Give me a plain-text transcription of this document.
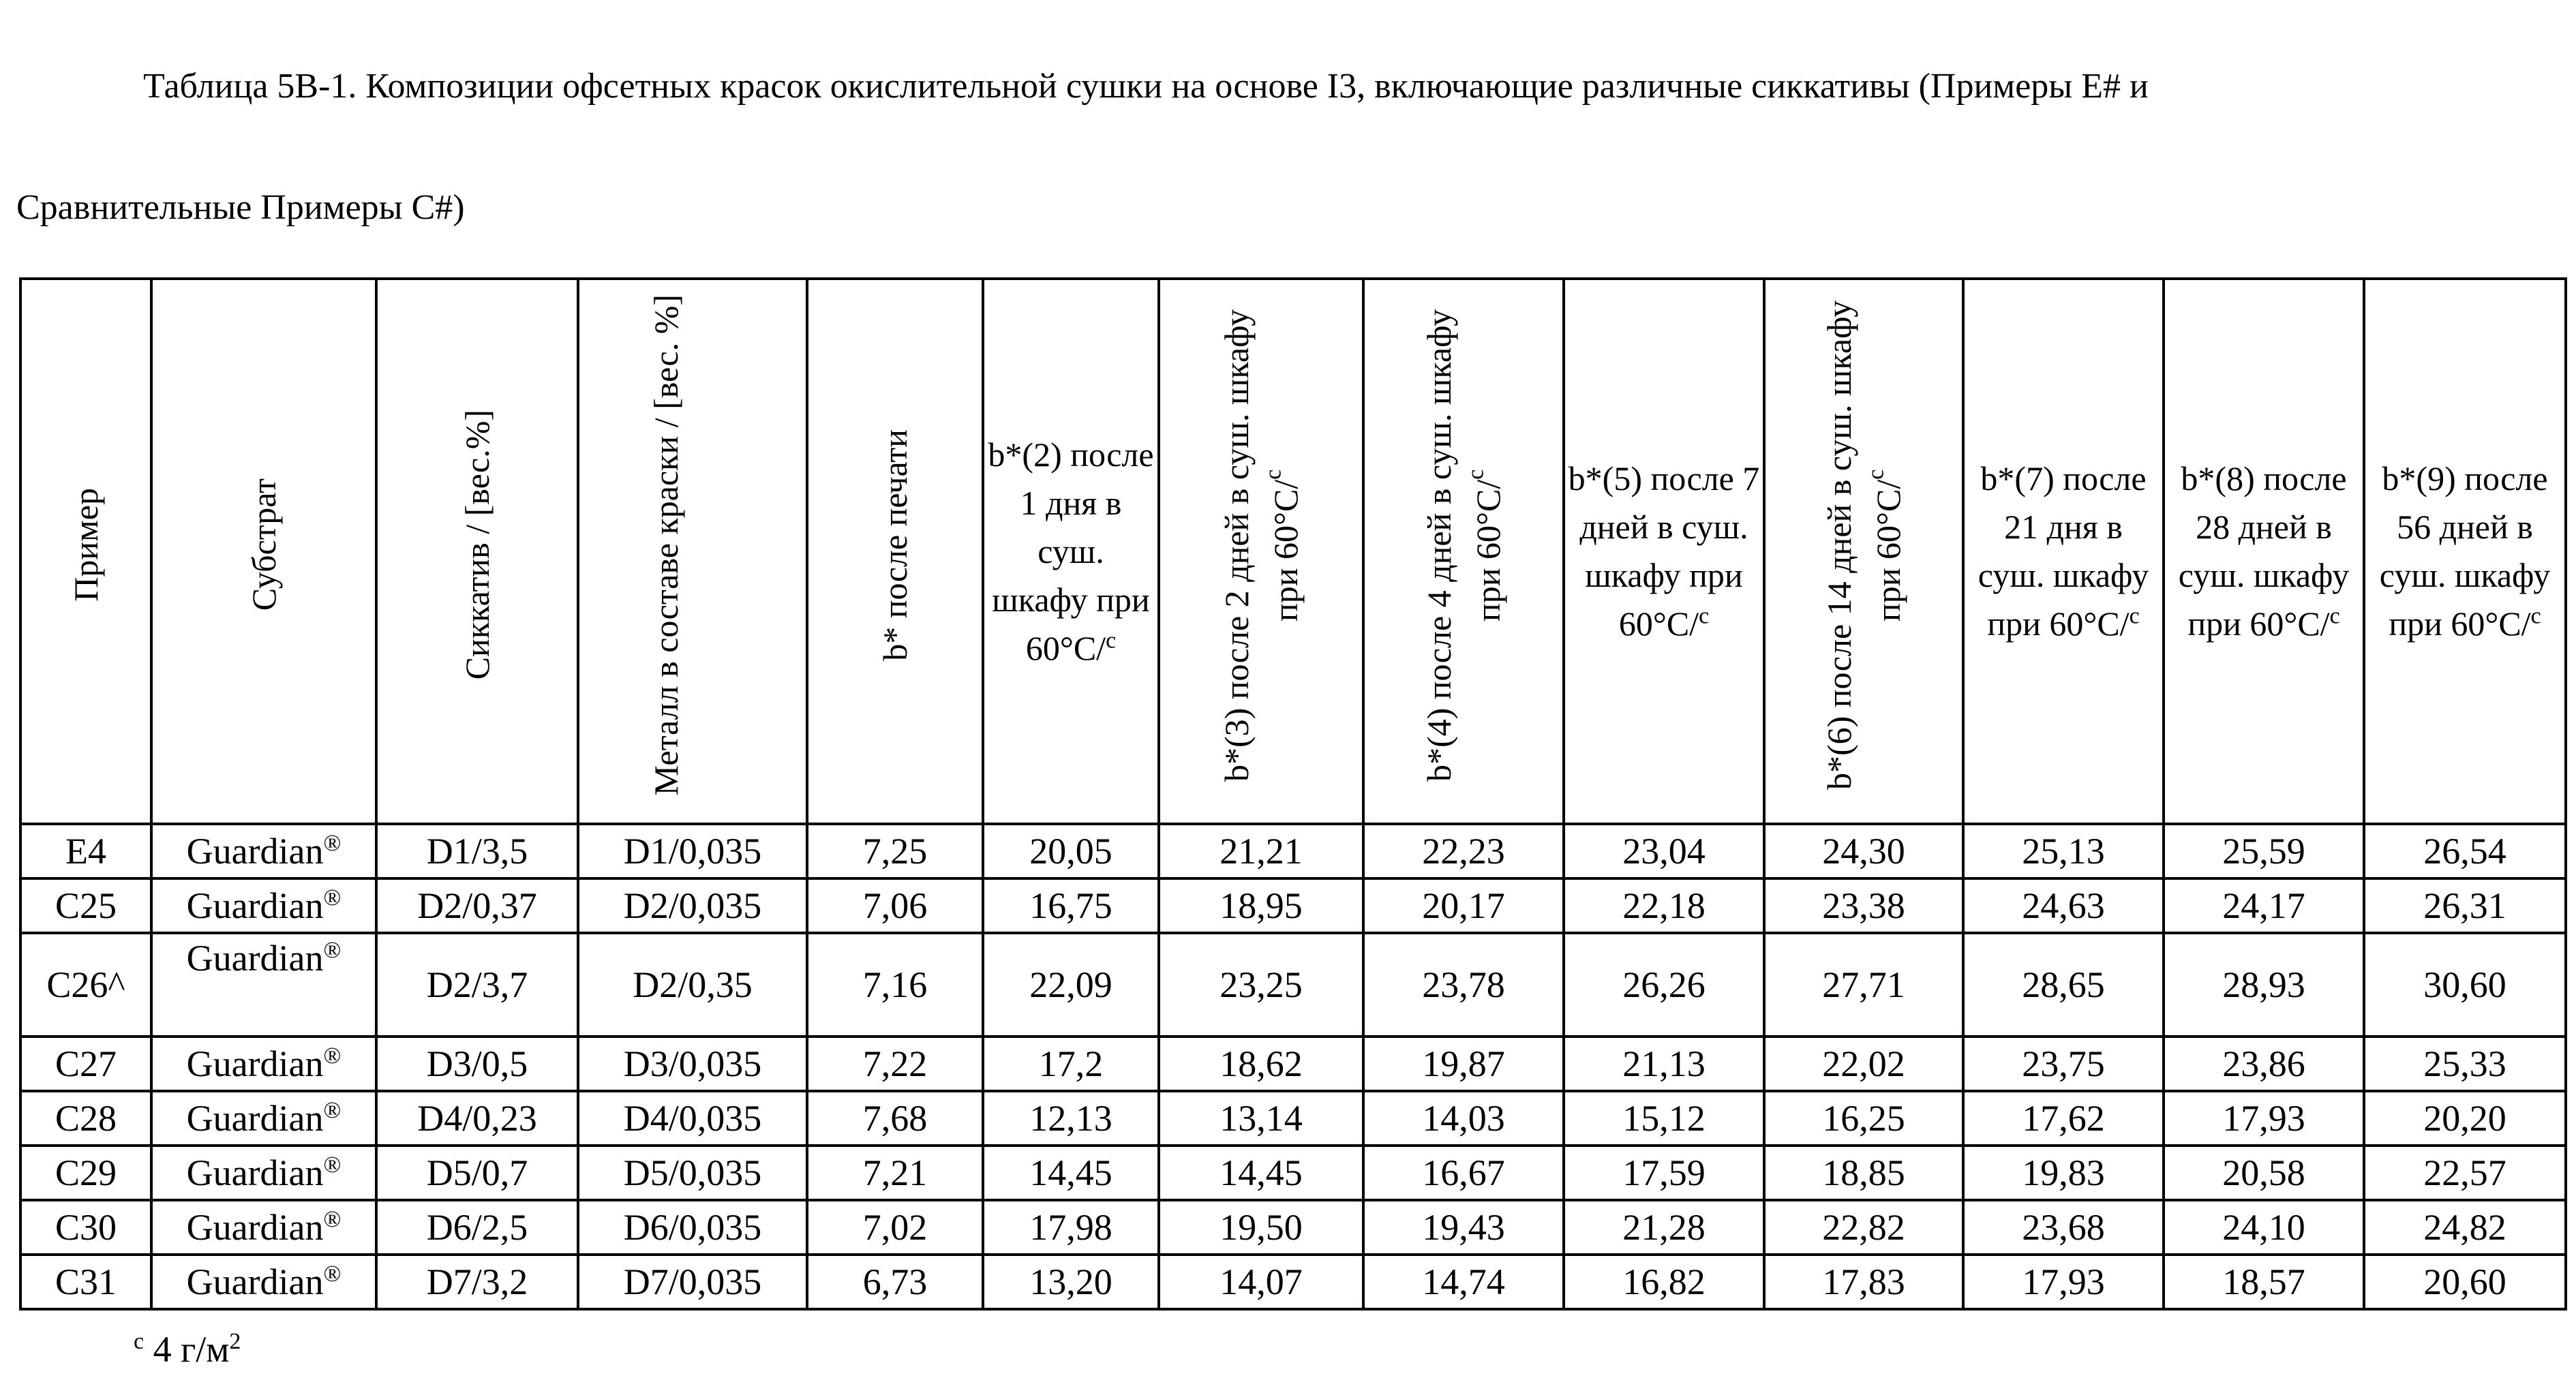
Таблица 5B-1. Композиции офсетных красок окислительной сушки на основе I3, включающие различные сиккативы (Примеры E# и
Сравнительные Примеры C#)

Пример	Субстрат	Сиккатив / [вес.%]	Металл в составе краски / [вес. %]	b* после печати	b*(2) после 1 дня в суш. шкафу при 60°C/$^c$	b*(3) после 2 дней в суш. шкафу при 60°C/$^c$	b*(4) после 4 дней в суш. шкафу при 60°C/$^c$	b*(5) после 7 дней в суш. шкафу при 60°C/$^c$	b*(6) после 14 дней в суш. шкафу при 60°C/$^c$	b*(7) после 21 дня в суш. шкафу при 60°C/$^c$	b*(8) после 28 дней в суш. шкафу при 60°C/$^c$	b*(9) после 56 дней в суш. шкафу при 60°C/$^c$

E4	Guardian®	D1/3,5	D1/0,035	7,25	20,05	21,21	22,23	23,04	24,30	25,13	25,59	26,54
C25	Guardian®	D2/0,37	D2/0,035	7,06	16,75	18,95	20,17	22,18	23,38	24,63	24,17	26,31
C26^	Guardian®	D2/3,7	D2/0,35	7,16	22,09	23,25	23,78	26,26	27,71	28,65	28,93	30,60
C27	Guardian®	D3/0,5	D3/0,035	7,22	17,2	18,62	19,87	21,13	22,02	23,75	23,86	25,33
C28	Guardian®	D4/0,23	D4/0,035	7,68	12,13	13,14	14,03	15,12	16,25	17,62	17,93	20,20
C29	Guardian®	D5/0,7	D5/0,035	7,21	14,45	14,45	16,67	17,59	18,85	19,83	20,58	22,57
C30	Guardian®	D6/2,5	D6/0,035	7,02	17,98	19,50	19,43	21,28	22,82	23,68	24,10	24,82
C31	Guardian®	D7/3,2	D7/0,035	6,73	13,20	14,07	14,74	16,82	17,83	17,93	18,57	20,60

$^c$ 4 $г/м^2$
